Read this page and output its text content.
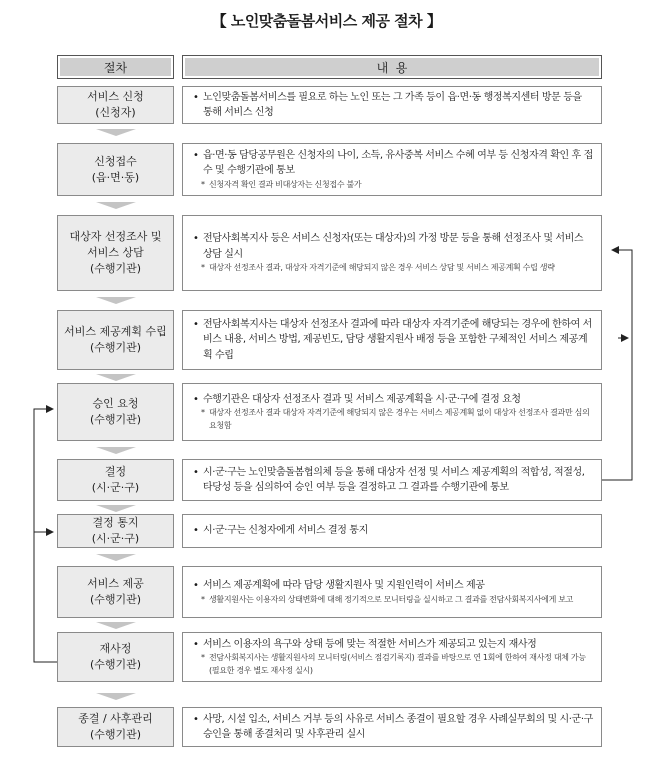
【 노인맞춤돌봄서비스 제공 절차 】
절차	내  용
서비스 신청
(신청자)
• 노인맞춤돌봄서비스를 필요로 하는 노인 또는 그 가족 등이 읍·면·동 행정복지센터 방문 등을 통해 서비스 신청
신청접수
(읍·면·동)
• 읍·면·동 담당공무원은 신청자의 나이, 소득, 유사중복 서비스 수혜 여부 등 신청자격 확인 후 접수 및 수행기관에 통보
* 신청자격 확인 결과 비대상자는 신청접수 불가
대상자 선정조사 및 서비스 상담
(수행기관)
• 전담사회복지사 등은 서비스 신청자(또는 대상자)의 가정 방문 등을 통해 선정조사 및 서비스 상담 실시
* 대상자 선정조사 결과, 대상자 자격기준에 해당되지 않은 경우 서비스 상담 및 서비스 제공계획 수립 생략
서비스 제공계획 수립
(수행기관)
• 전담사회복지사는 대상자 선정조사 결과에 따라 대상자 자격기준에 해당되는 경우에 한하여 서비스 내용, 서비스 방법, 제공빈도, 담당 생활지원사 배정 등을 포함한 구체적인 서비스 제공계획 수립
승인 요청
(수행기관)
• 수행기관은 대상자 선정조사 결과 및 서비스 제공계획을 시·군·구에 결정 요청
* 대상자 선정조사 결과 대상자 자격기준에 해당되지 않은 경우는 서비스 제공계획 없이 대상자 선정조사 결과만 심의 요청함
결정
(시·군·구)
• 시·군·구는 노인맞춤돌봄협의체 등을 통해 대상자 선정 및 서비스 제공계획의 적합성, 적절성, 타당성 등을 심의하여 승인 여부 등을 결정하고 그 결과를 수행기관에 통보
결정 통지
(시·군·구)
• 시·군·구는 신청자에게 서비스 결정 통지
서비스 제공
(수행기관)
• 서비스 제공계획에 따라 담당 생활지원사 및 지원인력이 서비스 제공
* 생활지원사는 이용자의 상태변화에 대해 정기적으로 모니터링을 실시하고 그 결과를 전담사회복지사에게 보고
재사정
(수행기관)
• 서비스 이용자의 욕구와 상태 등에 맞는 적절한 서비스가 제공되고 있는지 재사정
* 전담사회복지사는 생활지원사의 모니터링(서비스 점검기록지) 결과를 바탕으로 연 1회에 한하여 재사정 대체 가능(필요한 경우 별도 재사정 실시)
종결 / 사후관리
(수행기관)
• 사망, 시설 입소, 서비스 거부 등의 사유로 서비스 종결이 필요할 경우 사례실무회의 및 시·군·구 승인을 통해 종결처리 및 사후관리 실시
